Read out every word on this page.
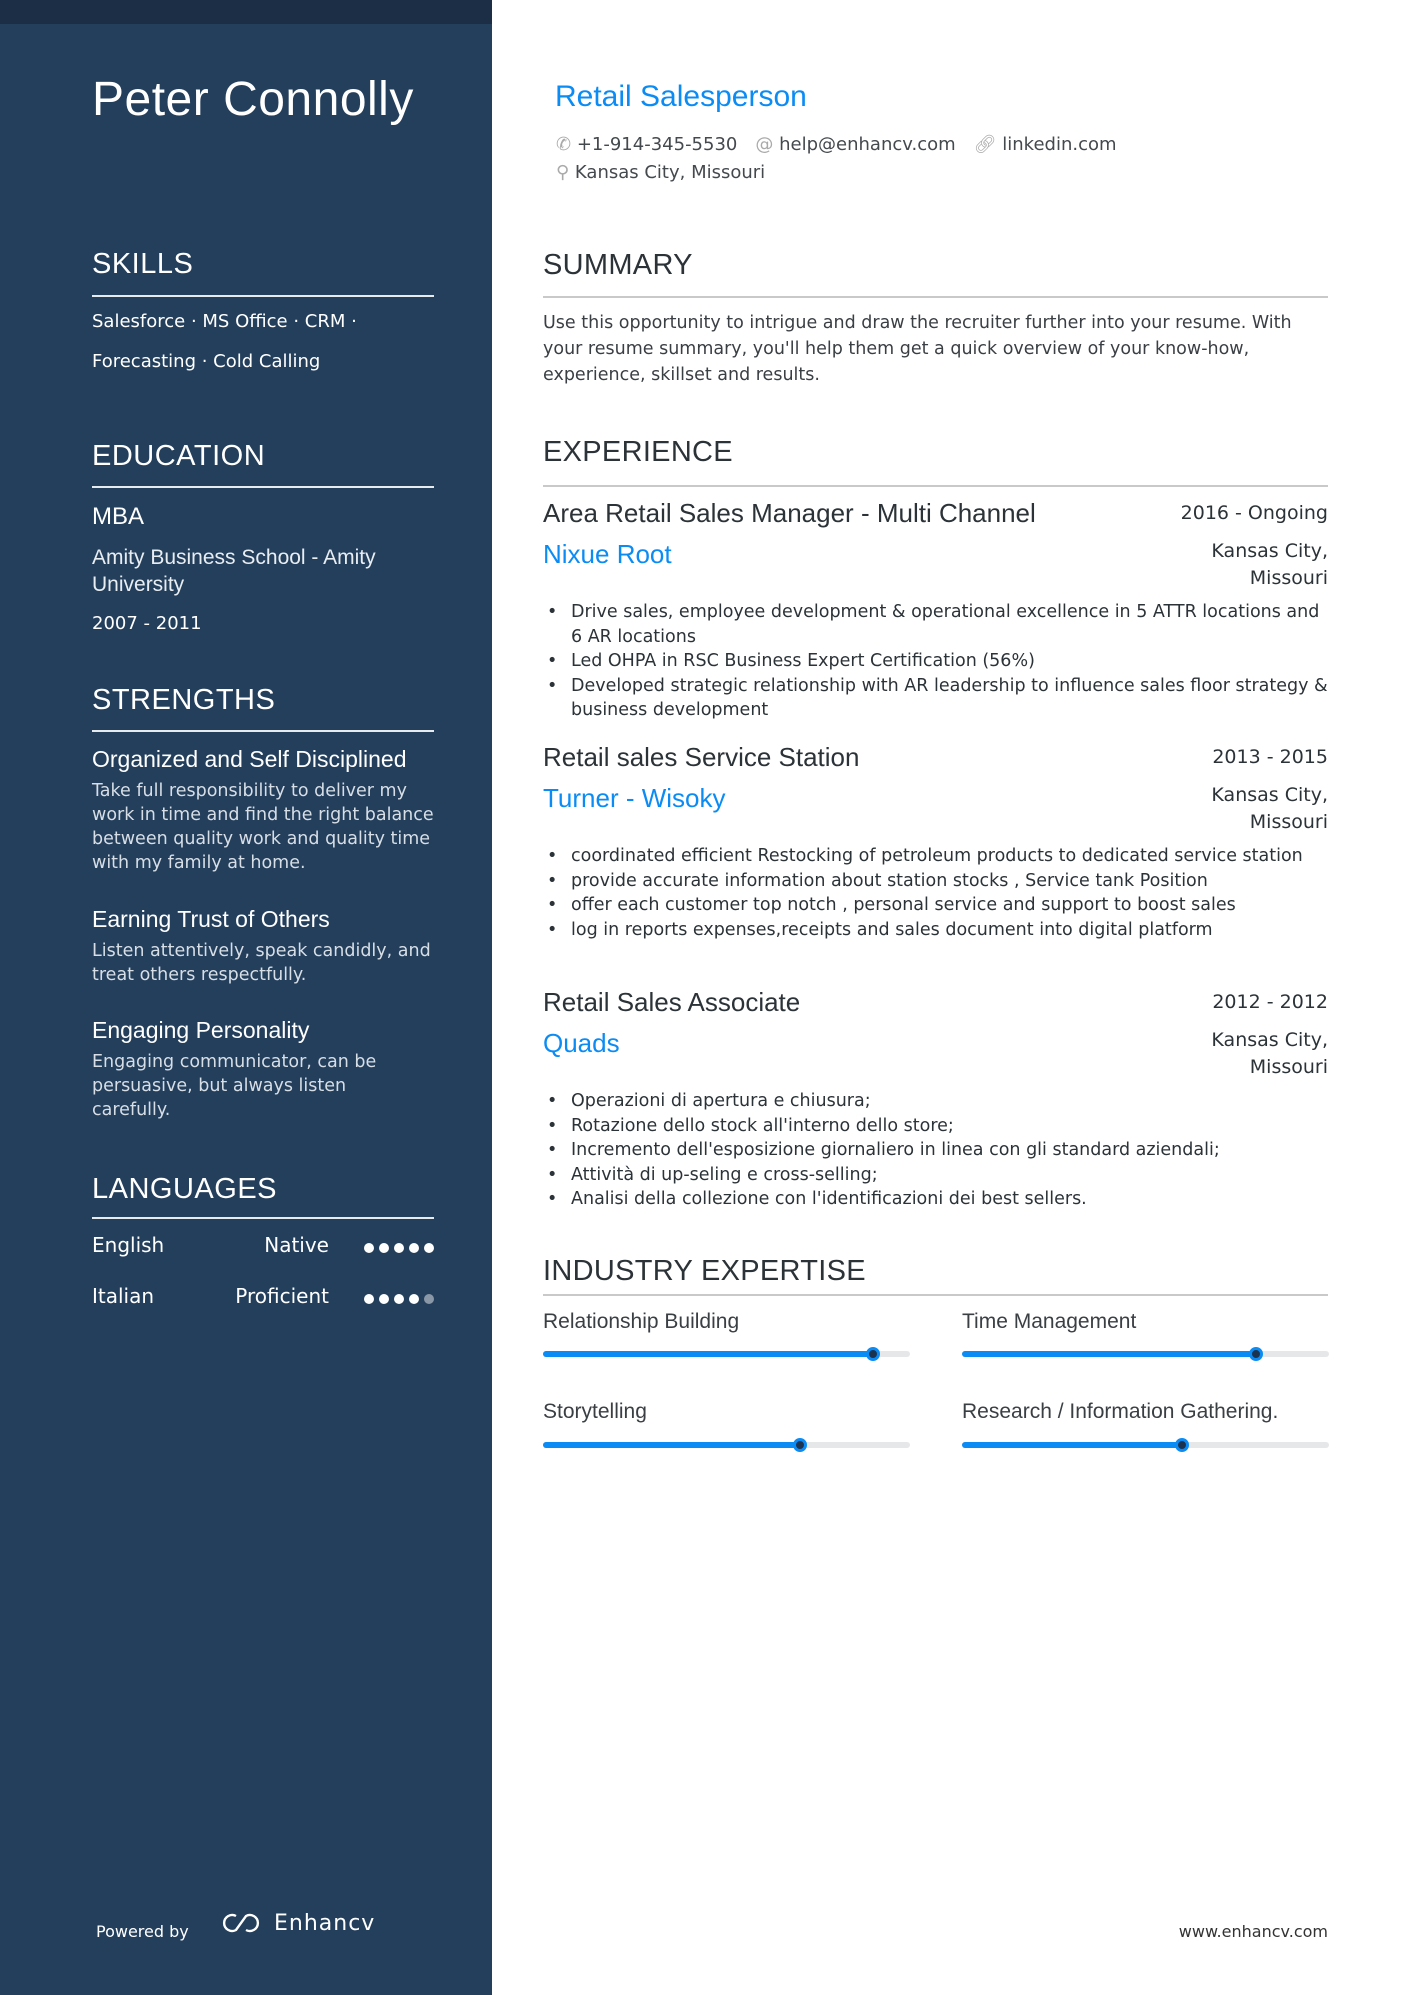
Peter Connolly
SKILLS
Salesforce · MS Office · CRM ·
Forecasting · Cold Calling
EDUCATION
MBA
Amity Business School - Amity University
2007 - 2011
STRENGTHS
Organized and Self Disciplined
Take full responsibility to deliver my work in time and find the right balance between quality work and quality time with my family at home.
Earning Trust of Others
Listen attentively, speak candidly, and treat others respectfully.
Engaging Personality
Engaging communicator, can be persuasive, but always listen carefully.
LANGUAGES
English	Native
Italian	Proficient
Powered by	Enhancv
Retail Salesperson
✆ +1-914-345-5530 @ help@enhancv.com 🔗︎ linkedin.com
⚲ Kansas City, Missouri
SUMMARY
Use this opportunity to intrigue and draw the recruiter further into your resume. With your resume summary, you'll help them get a quick overview of your know-how, experience, skillset and results.
EXPERIENCE
Area Retail Sales Manager - Multi Channel	2016 - Ongoing
Nixue Root	Kansas City,
Missouri
• Drive sales, employee development & operational excellence in 5 ATTR locations and 6 AR locations
• Led OHPA in RSC Business Expert Certification (56%)
• Developed strategic relationship with AR leadership to influence sales floor strategy & business development
Retail sales Service Station	2013 - 2015
Turner - Wisoky	Kansas City,
Missouri
• coordinated efficient Restocking of petroleum products to dedicated service station
• provide accurate information about station stocks , Service tank Position
• offer each customer top notch , personal service and support to boost sales
• log in reports expenses,receipts and sales document into digital platform
Retail Sales Associate	2012 - 2012
Quads	Kansas City,
Missouri
• Operazioni di apertura e chiusura;
• Rotazione dello stock all'interno dello store;
• Incremento dell'esposizione giornaliero in linea con gli standard aziendali;
• Attività di up-seling e cross-selling;
• Analisi della collezione con l'identificazioni dei best sellers.
INDUSTRY EXPERTISE
Relationship Building	Time Management
Storytelling	Research / Information Gathering.
www.enhancv.com
